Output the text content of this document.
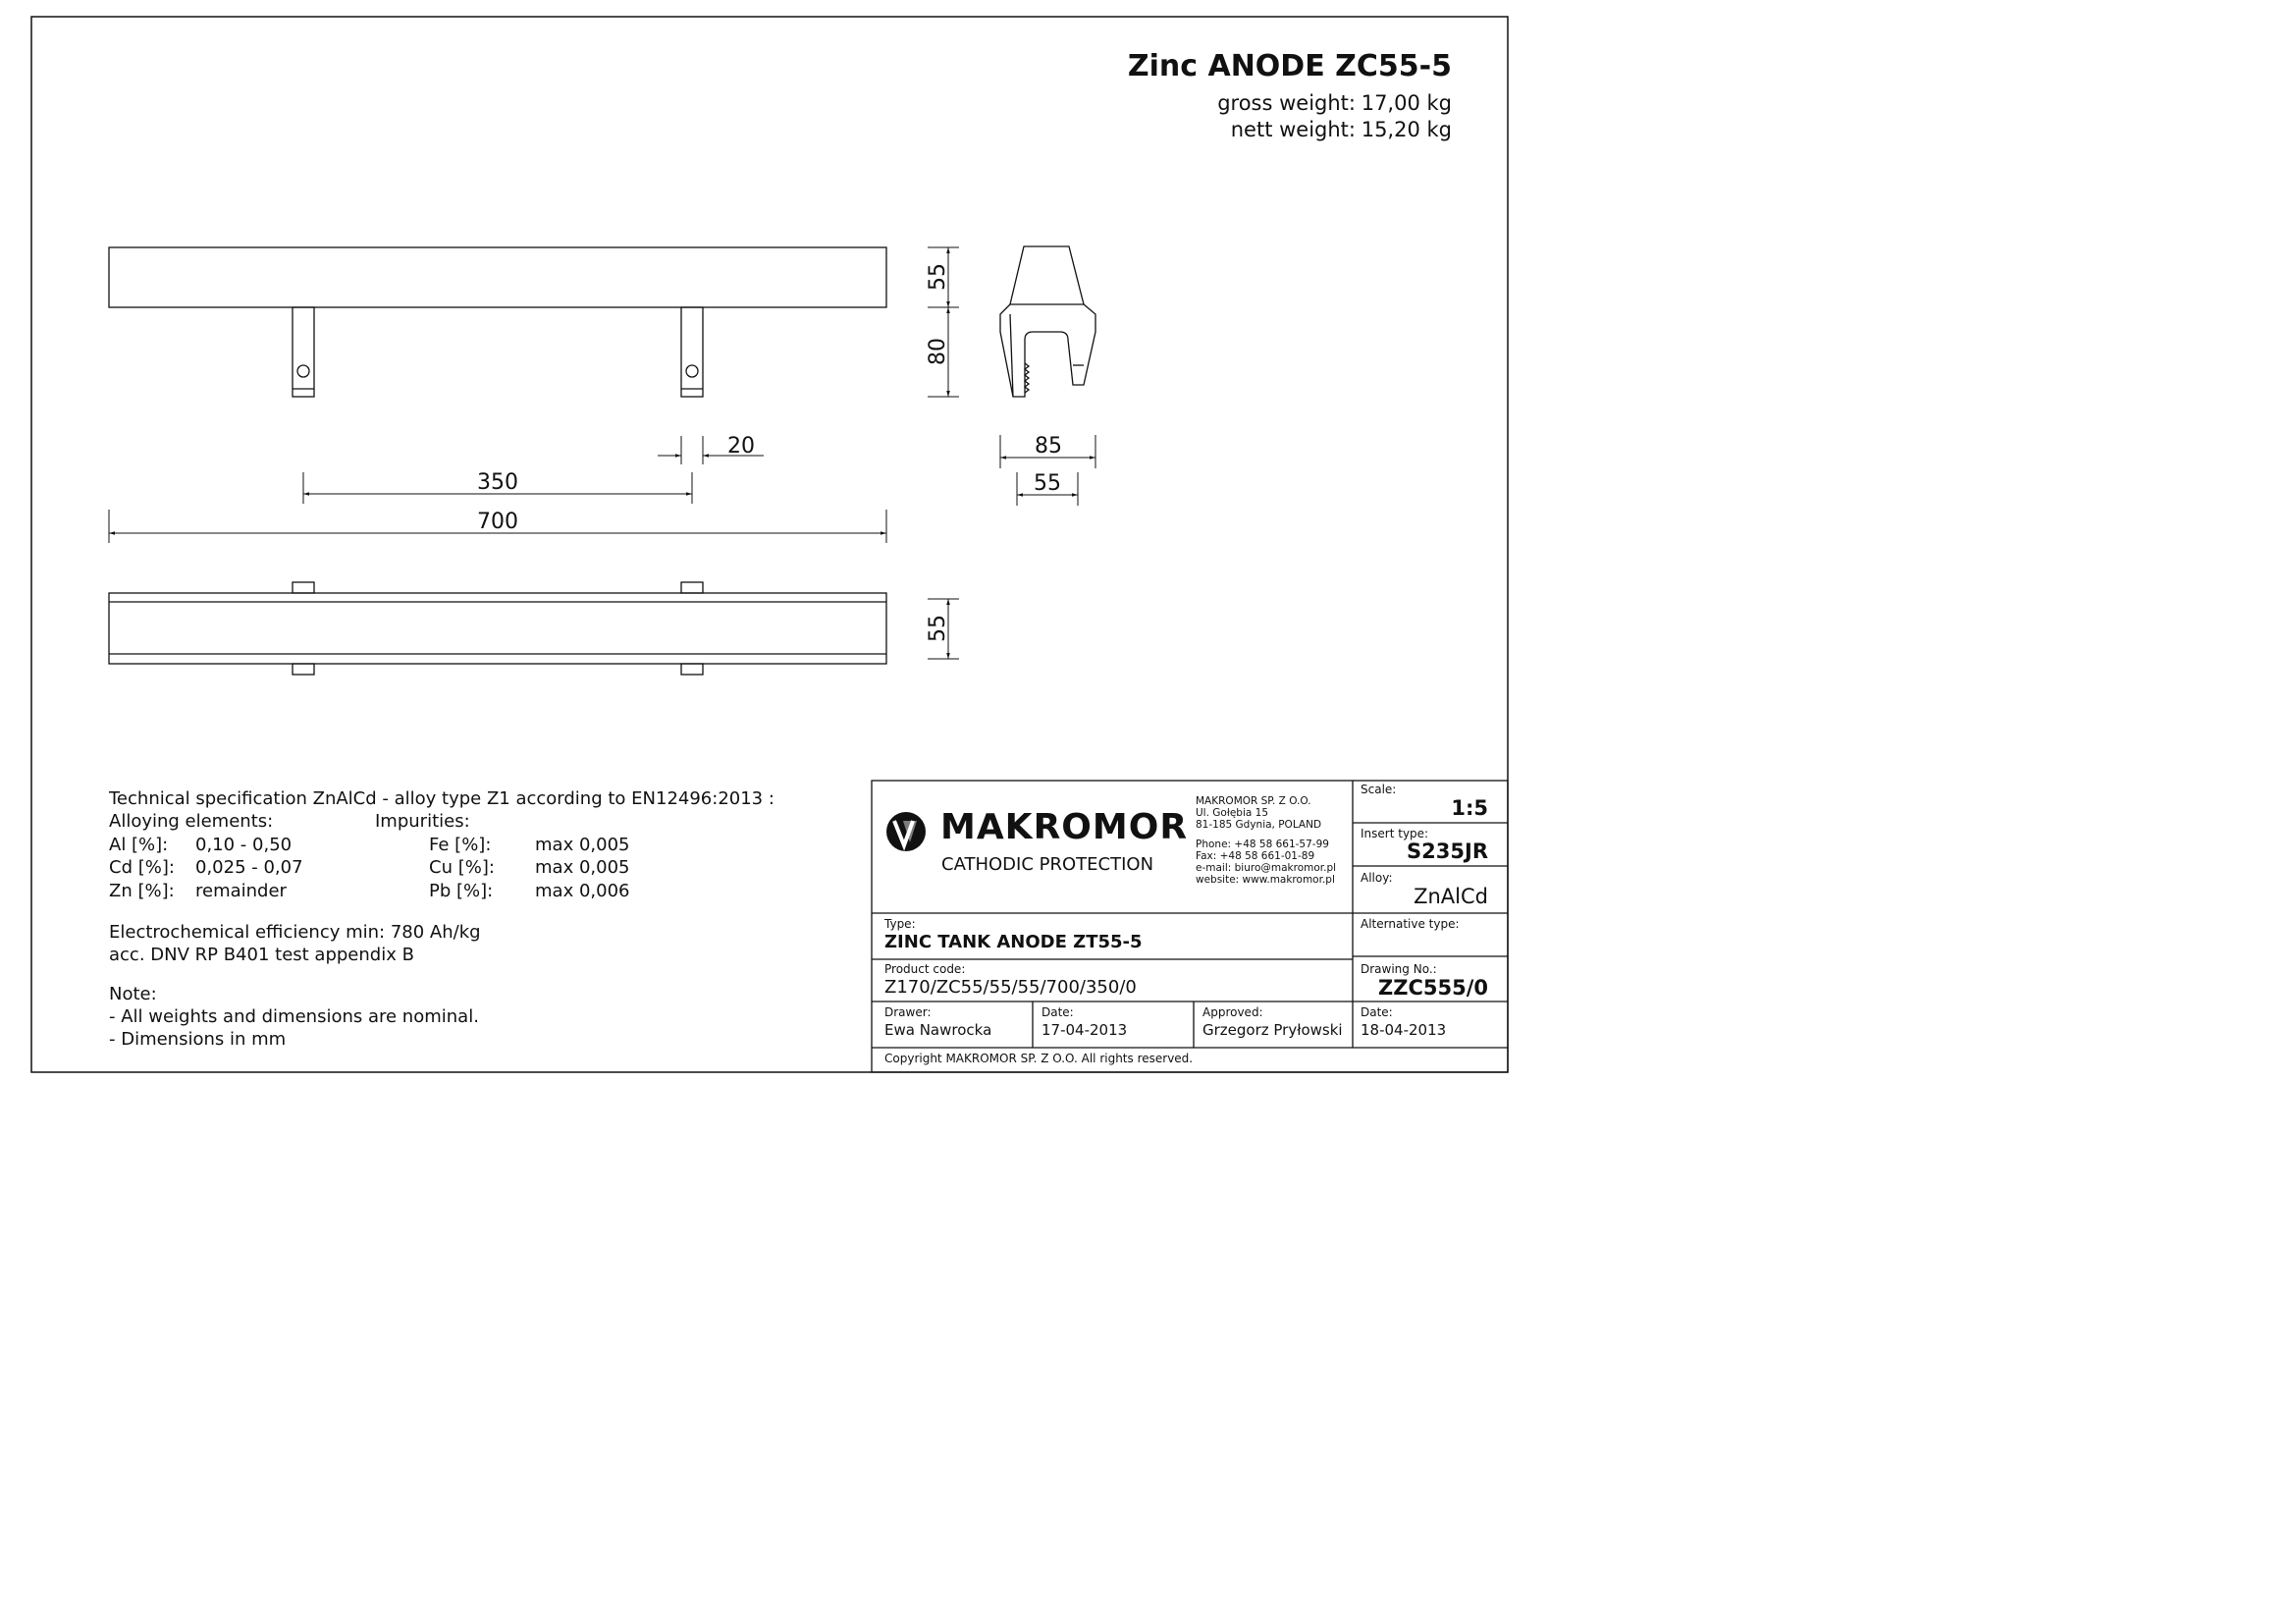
Zinc ANODE ZC55-5
gross weight: 17,00 kg
nett weight: 15,20 kg
55
80
20
350
700
85
55
55
Technical specification ZnAlCd - alloy type Z1 according to EN12496:2013 :
Alloying elements:	Impurities:
Al [%]: 0,10 - 0,50
Cd [%]: 0,025 - 0,07
Zn [%]: remainder
Fe [%]: max 0,005
Cu [%]: max 0,005
Pb [%]: max 0,006
Electrochemical efficiency min: 780 Ah/kg
acc. DNV RP B401 test appendix B
Note:
- All weights and dimensions are nominal.
- Dimensions in mm
MAKROMOR
CATHODIC PROTECTION
MAKROMOR SP. Z O.O.
Ul. Gołębia 15
81-185 Gdynia, POLAND
Phone: +48 58 661-57-99
Fax: +48 58 661-01-89
e-mail: biuro@makromor.pl
website: www.makromor.pl
Scale:
1:5
Insert type:
S235JR
Alloy:
ZnAlCd
Alternative type:
Drawing No.:
ZZC555/0
Type:
ZINC TANK ANODE ZT55-5
Product code:
Z170/ZC55/55/55/700/350/0
Drawer:
Ewa Nawrocka
Date:
17-04-2013
Approved:
Grzegorz Pryłowski
Date:
18-04-2013
Copyright MAKROMOR SP. Z O.O. All rights reserved.
